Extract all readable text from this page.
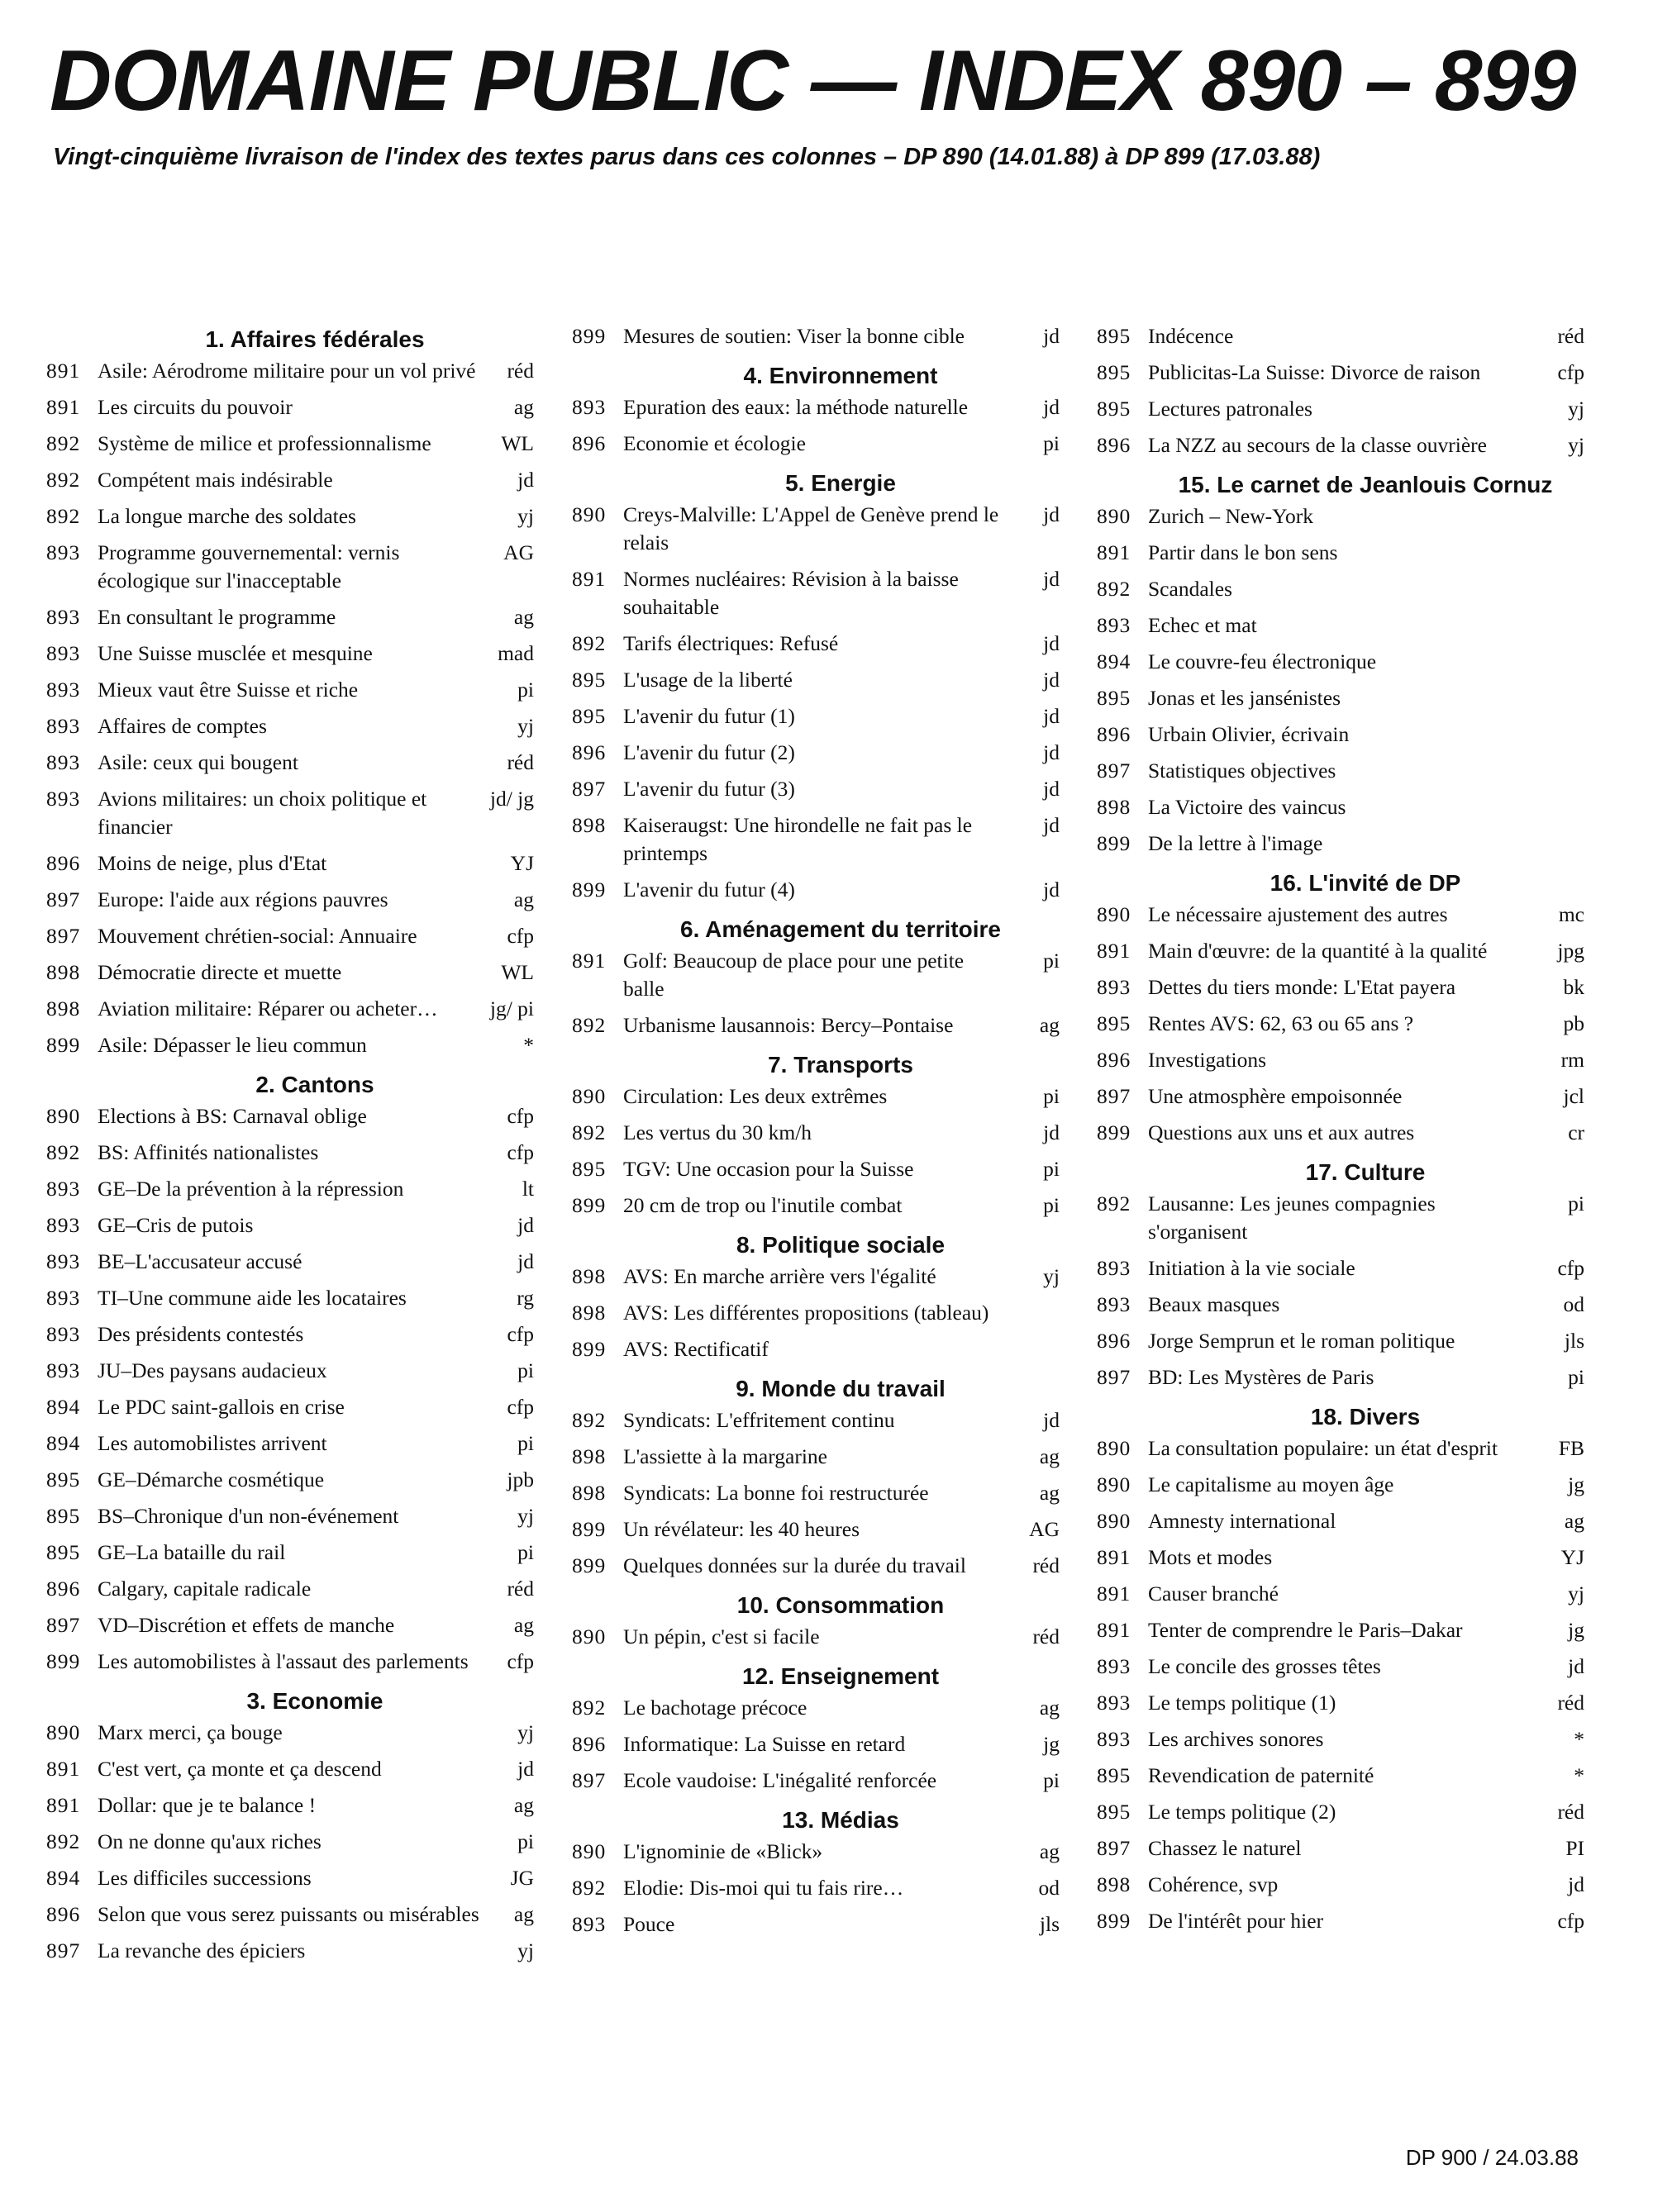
DOMAINE PUBLIC — INDEX 890 – 899

Vingt-cinquième livraison de l'index des textes parus dans ces colonnes – DP 890 (14.01.88) à DP 899 (17.03.88)

1. Affaires fédérales
891 Asile: Aérodrome militaire pour un vol privé	réd
891 Les circuits du pouvoir	ag
892 Système de milice et professionnalisme	WL
892 Compétent mais indésirable	jd
892 La longue marche des soldates	yj
893 Programme gouvernemental: vernis écologique sur l'inacceptable
AG
893 En consultant le programme	ag
893 Une Suisse musclée et mesquine	mad
893 Mieux vaut être Suisse et riche	pi
893 Affaires de comptes	yj
893 Asile: ceux qui bougent	réd
893 Avions militaires: un choix politique et financier
jd/ jg
896 Moins de neige, plus d'Etat	YJ
897 Europe: l'aide aux régions pauvres	ag
897 Mouvement chrétien-social: Annuaire	cfp
898 Démocratie directe et muette	WL
898 Aviation militaire: Réparer ou acheter…	jg/ pi
899 Asile: Dépasser le lieu commun	*
2. Cantons
890 Elections à BS: Carnaval oblige	cfp
892 BS: Affinités nationalistes	cfp
893 GE–De la prévention à la répression	lt
893 GE–Cris de putois	jd
893 BE–L'accusateur accusé	jd
893 TI–Une commune aide les locataires	rg
893 Des présidents contestés	cfp
893 JU–Des paysans audacieux	pi
894 Le PDC saint-gallois en crise	cfp
894 Les automobilistes arrivent	pi
895 GE–Démarche cosmétique	jpb
895 BS–Chronique d'un non-événement	yj
895 GE–La bataille du rail	pi
896 Calgary, capitale radicale	réd
897 VD–Discrétion et effets de manche	ag
899 Les automobilistes à l'assaut des parlements	cfp
3. Economie
890 Marx merci, ça bouge	yj
891 C'est vert, ça monte et ça descend	jd
891 Dollar: que je te balance !	ag
892 On ne donne qu'aux riches	pi
894 Les difficiles successions	JG
896 Selon que vous serez puissants ou misérables	ag
897 La revanche des épiciers	yj
899 Mesures de soutien: Viser la bonne cible	jd
4. Environnement
893 Epuration des eaux: la méthode naturelle	jd
896 Economie et écologie	pi
5. Energie
890 Creys-Malville: L'Appel de Genève prend le relais
jd
891 Normes nucléaires: Révision à la baisse souhaitable
jd
892 Tarifs électriques: Refusé	jd
895 L'usage de la liberté	jd
895 L'avenir du futur (1)	jd
896 L'avenir du futur (2)	jd
897 L'avenir du futur (3)	jd
898 Kaiseraugst: Une hirondelle ne fait pas le printemps
jd
899 L'avenir du futur (4)	jd
6. Aménagement du territoire
891 Golf: Beaucoup de place pour une petite balle
pi
892 Urbanisme lausannois: Bercy–Pontaise	ag
7. Transports
890 Circulation: Les deux extrêmes	pi
892 Les vertus du 30 km/h	jd
895 TGV: Une occasion pour la Suisse	pi
899 20 cm de trop ou l'inutile combat	pi
8. Politique sociale
898 AVS: En marche arrière vers l'égalité	yj
898 AVS: Les différentes propositions (tableau)
899 AVS: Rectificatif
9. Monde du travail
892 Syndicats: L'effritement continu	jd
898 L'assiette à la margarine	ag
898 Syndicats: La bonne foi restructurée	ag
899 Un révélateur: les 40 heures	AG
899 Quelques données sur la durée du travail	réd
10. Consommation
890 Un pépin, c'est si facile	réd
12. Enseignement
892 Le bachotage précoce	ag
896 Informatique: La Suisse en retard	jg
897 Ecole vaudoise: L'inégalité renforcée	pi
13. Médias
890 L'ignominie de «Blick»	ag
892 Elodie: Dis-moi qui tu fais rire…	od
893 Pouce	jls
895 Indécence	réd
895 Publicitas-La Suisse: Divorce de raison	cfp
895 Lectures patronales	yj
896 La NZZ au secours de la classe ouvrière	yj
15. Le carnet de Jeanlouis Cornuz
890 Zurich – New-York
891 Partir dans le bon sens
892 Scandales
893 Echec et mat
894 Le couvre-feu électronique
895 Jonas et les jansénistes
896 Urbain Olivier, écrivain
897 Statistiques objectives
898 La Victoire des vaincus
899 De la lettre à l'image
16. L'invité de DP
890 Le nécessaire ajustement des autres	mc
891 Main d'œuvre: de la quantité à la qualité	jpg
893 Dettes du tiers monde: L'Etat payera	bk
895 Rentes AVS: 62, 63 ou 65 ans ?	pb
896 Investigations	rm
897 Une atmosphère empoisonnée	jcl
899 Questions aux uns et aux autres	cr
17. Culture
892 Lausanne: Les jeunes compagnies s'organisent
pi
893 Initiation à la vie sociale	cfp
893 Beaux masques	od
896 Jorge Semprun et le roman politique	jls
897 BD: Les Mystères de Paris	pi
18. Divers
890 La consultation populaire: un état d'esprit	FB
890 Le capitalisme au moyen âge	jg
890 Amnesty international	ag
891 Mots et modes	YJ
891 Causer branché	yj
891 Tenter de comprendre le Paris–Dakar	jg
893 Le concile des grosses têtes	jd
893 Le temps politique (1)	réd
893 Les archives sonores	*
895 Revendication de paternité	*
895 Le temps politique (2)	réd
897 Chassez le naturel	PI
898 Cohérence, svp	jd
899 De l'intérêt pour hier	cfp
DP 900 / 24.03.88
